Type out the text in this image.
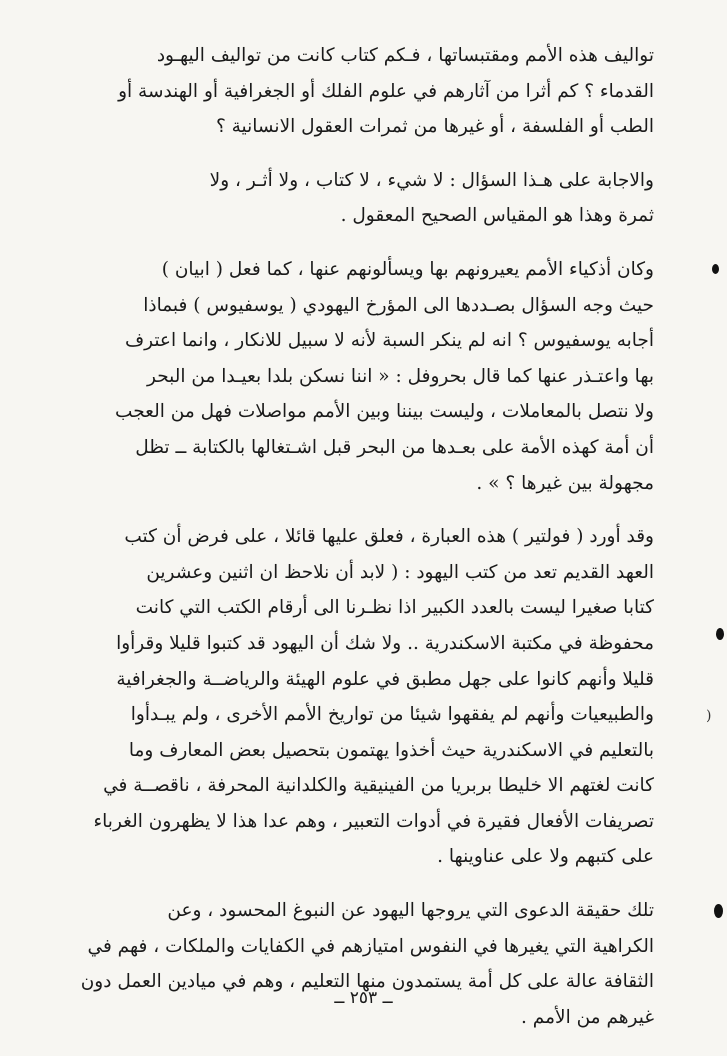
تواليف هذه الأمم ومقتبساتها ، فـكم كتاب كانت من تواليف اليهـود
القدماء ؟ كم أثرا من آثارهم في علوم الفلك أو الجغرافية أو الهندسة أو
الطب أو الفلسفة ، أو غيرها من ثمرات العقول الانسانية ؟

والاجابة على هـذا السؤال : لا شيء ، لا كتاب ، ولا أثـر ، ولا
ثمرة وهذا هو المقياس الصحيح المعقول .

وكان أذكياء الأمم يعيرونهم بها ويسألونهم عنها ، كما فعل ( ابيان )
حيث وجه السؤال بصـددها الى المؤرخ اليهودي ( يوسفيوس ) فبماذا
أجابه يوسفيوس ؟ انه لم ينكر السبة لأنه لا سبيل للانكار ، وانما اعترف
بها واعتـذر عنها كما قال بحروفل : « اننا نسكن بلدا بعيـدا من البحر
ولا نتصل بالمعاملات ، وليست بيننا وبين الأمم مواصلات فهل من العجب
أن أمة كهذه الأمة على بعـدها من البحر قبل اشـتغالها بالكتابة ــ تظل
مجهولة بين غيرها ؟ » .

وقد أورد ( فولتير ) هذه العبارة ، فعلق عليها قائلا ، على فرض أن كتب
العهد القديم تعد من كتب اليهود : ( لابد أن نلاحظ ان اثنين وعشرين
كتابا صغيرا ليست بالعدد الكبير اذا نظـرنا الى أرقام الكتب التي كانت
محفوظة في مكتبة الاسكندرية .. ولا شك أن اليهود قد كتبوا قليلا وقرأوا
قليلا وأنهم كانوا على جهل مطبق في علوم الهيئة والرياضــة والجغرافية
والطبيعيات وأنهم لم يفقهوا شيئا من تواريخ الأمم الأخرى ، ولم يبـدأوا
بالتعليم في الاسكندرية حيث أخذوا يهتمون بتحصيل بعض المعارف وما
كانت لغتهم الا خليطا بربريا من الفينيقية والكلدانية المحرفة ، ناقصــة في
تصريفات الأفعال فقيرة في أدوات التعبير ، وهم عدا هذا لا يظهرون الغرباء
على كتبهم ولا على عناوينها .

تلك حقيقة الدعوى التي يروجها اليهود عن النبوغ المحسود ، وعن
الكراهية التي يغيرها في النفوس امتيازهم في الكفايات والملكات ، فهم في
الثقافة عالة على كل أمة يستمدون منها التعليم ، وهم في ميادين العمل دون
غيرهم من الأمم .

ــ ٢٥٣ ــ
)
